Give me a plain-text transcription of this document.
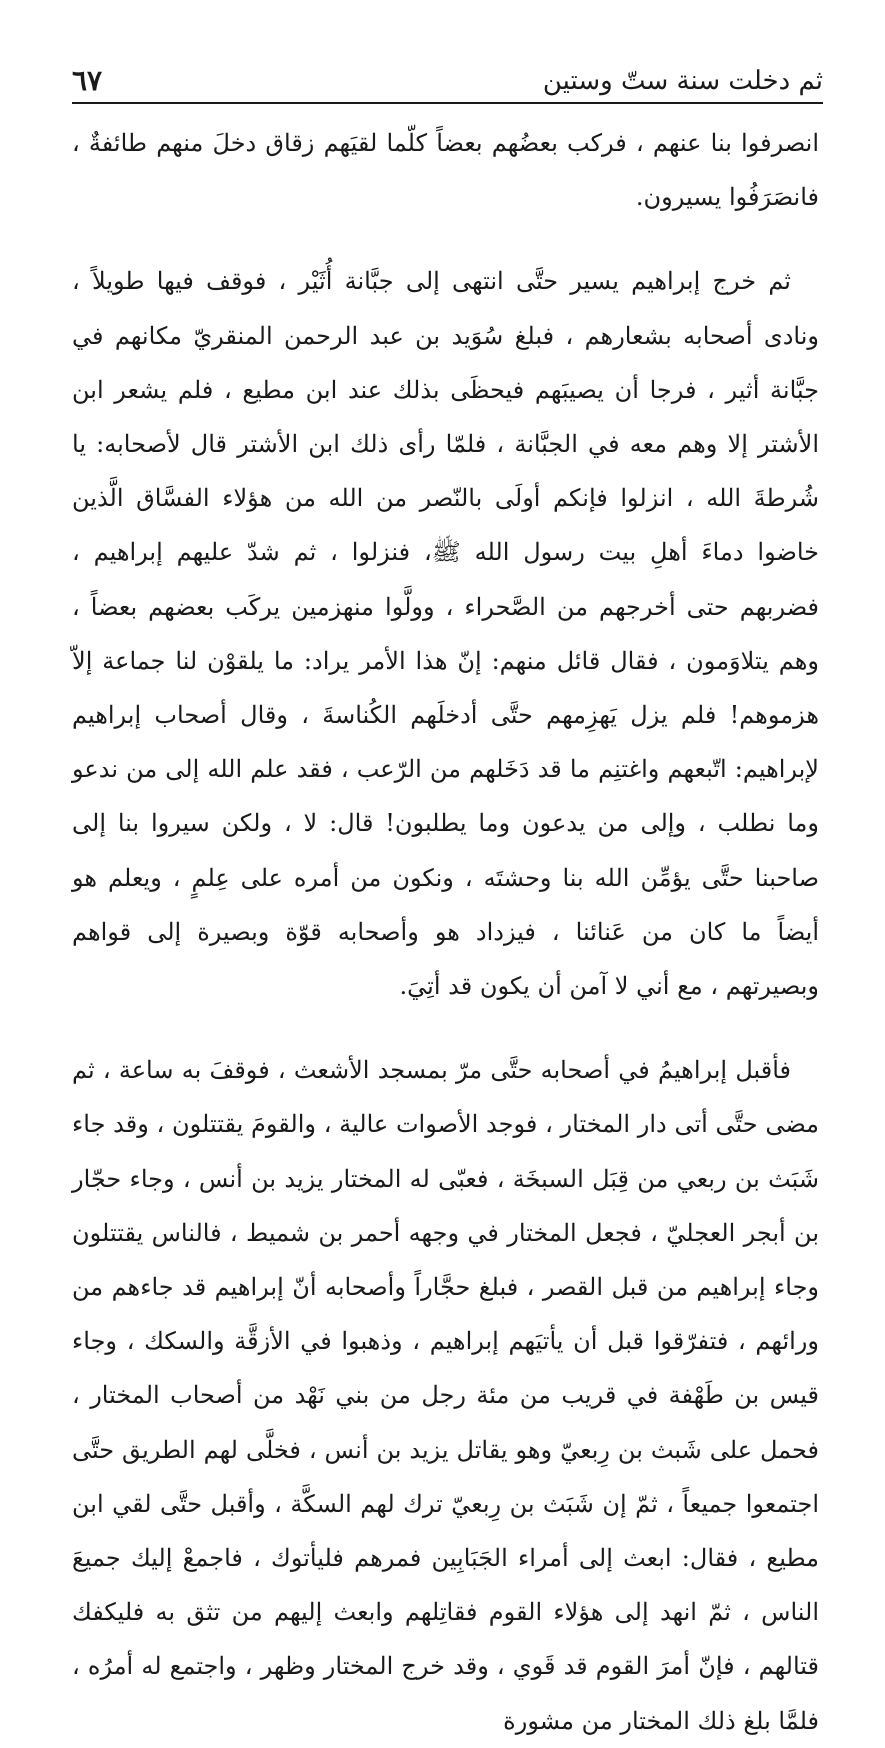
ثم دخلت سنة ستّ وستين
٦٧

انصرفوا بنا عنهم ، فركب بعضُهم بعضاً كلّما لقيَهم زقاق دخلَ منهم طائفةٌ ، فانصَرَفُوا يسيرون.

ثم خرج إبراهيم يسير حتَّى انتهى إلى جبَّانة أُثَيْر ، فوقف فيها طويلاً ، ونادى أصحابه بشعارهم ، فبلغ سُوَيد بن عبد الرحمن المنقريّ مكانهم في جبَّانة أثير ، فرجا أن يصيبَهم فيحظَى بذلك عند ابن مطيع ، فلم يشعر ابن الأشتر إلا وهم معه في الجبَّانة ، فلمّا رأى ذلك ابن الأشتر قال لأصحابه: يا شُرطةَ الله ، انزلوا فإنكم أولَى بالنّصر من الله من هؤلاء الفسَّاق الَّذين خاضوا دماءَ أهلِ بيت رسول الله ﷺ، فنزلوا ، ثم شدّ عليهم إبراهيم ، فضربهم حتى أخرجهم من الصَّحراء ، وولَّوا منهزمين يركَب بعضهم بعضاً ، وهم يتلاوَمون ، فقال قائل منهم: إنّ هذا الأمر يراد: ما يلقوْن لنا جماعة إلاّ هزموهم! فلم يزل يَهزِمهم حتَّى أدخلَهم الكُناسةَ ، وقال أصحاب إبراهيم لإبراهيم: اتّبعهم واغتنِم ما قد دَخَلهم من الرّعب ، فقد علم الله إلى من ندعو وما نطلب ، وإلى من يدعون وما يطلبون! قال: لا ، ولكن سيروا بنا إلى صاحبنا حتَّى يؤمِّن الله بنا وحشتَه ، ونكون من أمره على عِلمٍ ، ويعلم هو أيضاً ما كان من عَنائنا ، فيزداد هو وأصحابه قوّة وبصيرة إلى قواهم وبصيرتهم ، مع أني لا آمن أن يكون قد أتِيَ.

فأقبل إبراهيمُ في أصحابه حتَّى مرّ بمسجد الأشعث ، فوقفَ به ساعة ، ثم مضى حتَّى أتى دار المختار ، فوجد الأصوات عالية ، والقومَ يقتتلون ، وقد جاء شَبَث بن ربعي من قِبَل السبخَة ، فعبّى له المختار يزيد بن أنس ، وجاء حجّار بن أبجر العجليّ ، فجعل المختار في وجهه أحمر بن شميط ، فالناس يقتتلون وجاء إبراهيم من قبل القصر ، فبلغ حجَّاراً وأصحابه أنّ إبراهيم قد جاءهم من ورائهم ، فتفرّقوا قبل أن يأتيَهم إبراهيم ، وذهبوا في الأزقَّة والسكك ، وجاء قيس بن طَهْفة في قريب من مئة رجل من بني نَهْد من أصحاب المختار ، فحمل على شَبث بن رِبعيّ وهو يقاتل يزيد بن أنس ، فخلَّى لهم الطريق حتَّى اجتمعوا جميعاً ، ثمّ إن شَبَث بن رِبعيّ ترك لهم السكَّة ، وأقبل حتَّى لقي ابن مطيع ، فقال: ابعث إلى أمراء الجَبَابِين فمرهم فليأتوك ، فاجمعْ إليك جميعَ الناس ، ثمّ انهد إلى هؤلاء القوم فقاتِلهم وابعث إليهم من تثق به فليكفك قتالهم ، فإنّ أمرَ القوم قد قَوي ، وقد خرج المختار وظهر ، واجتمع له أمرُه ، فلمَّا بلغ ذلك المختار من مشورة
